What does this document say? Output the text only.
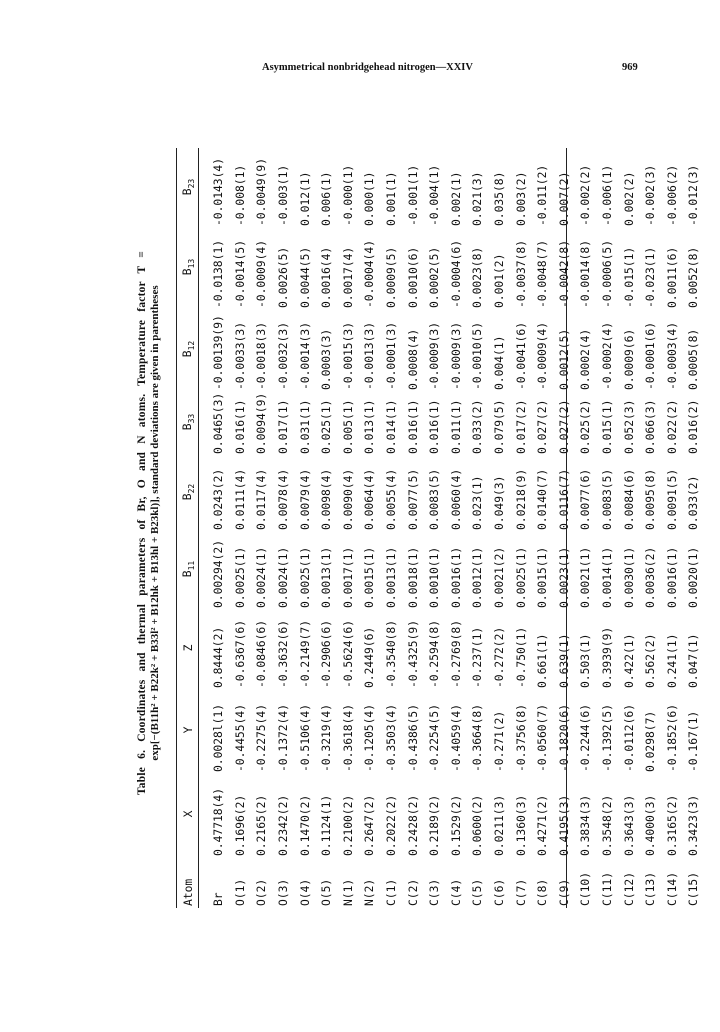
Asymmetrical nonbridgehead nitrogen—XXIV	969
Table 6. Coordinates and thermal parameters of Br, O and N atoms. Temperature factor T = exp[−(B11h² + B22k² + B33l² + B12hk + B13hl + B23kl)], standard deviations are given in parentheses
Atom	X	Y	Z	$B_{11}$	$B_{22}$	$B_{33}$	$B_{12}$	$B_{13}$	$B_{23}$
Br	0.47718(4)	0.0028l(1)	0.8444(2)	0.00294(2)	0.0243(2)	0.0465(3)	-0.00139(9)	-0.0138(1)	-0.0143(4)
O(1)	0.1696(2)	-0.4455(4)	-0.6367(6)	0.0025(1)	0.0111(4)	0.016(1)	-0.0033(3)	-0.0014(5)	-0.008(1)
O(2)	0.2165(2)	-0.2275(4)	-0.0846(6)	0.0024(1)	0.0117(4)	0.0094(9)	-0.0018(3)	-0.0009(4)	-0.0049(9)
O(3)	0.2342(2)	-0.1372(4)	-0.3632(6)	0.0024(1)	0.0078(4)	0.017(1)	-0.0032(3)	0.0026(5)	-0.003(1)
O(4)	0.1470(2)	-0.5106(4)	-0.2149(7)	0.0025(1)	0.0079(4)	0.031(1)	-0.0014(3)	0.0044(5)	0.012(1)
O(5)	0.1124(1)	-0.3219(4)	-0.2906(6)	0.0013(1)	0.0098(4)	0.025(1)	0.0003(3)	0.0016(4)	0.006(1)
N(1)	0.2100(2)	-0.3618(4)	-0.5624(6)	0.0017(1)	0.0090(4)	0.005(1)	-0.0015(3)	0.0017(4)	-0.000(1)
N(2)	0.2647(2)	-0.1205(4)	0.2449(6)	0.0015(1)	0.0064(4)	0.013(1)	-0.0013(3)	-0.0004(4)	0.000(1)
C(1)	0.2022(2)	-0.3503(4)	-0.3540(8)	0.0013(1)	0.0055(4)	0.014(1)	-0.0001(3)	0.0009(5)	0.001(1)
C(2)	0.2428(2)	-0.4386(5)	-0.4325(9)	0.0018(1)	0.0077(5)	0.016(1)	0.0008(4)	0.0010(6)	-0.001(1)
C(3)	0.2189(2)	-0.2254(5)	-0.2594(8)	0.0010(1)	0.0083(5)	0.016(1)	-0.0009(3)	0.0002(5)	-0.004(1)
C(4)	0.1529(2)	-0.4059(4)	-0.2769(8)	0.0016(1)	0.0060(4)	0.011(1)	-0.0009(3)	-0.0004(6)	0.002(1)
C(5)	0.0600(2)	-0.3664(8)	-0.237(1)	0.0012(1)	0.023(1)	0.033(2)	-0.0010(5)	0.0023(8)	0.021(3)
C(6)	0.0211(3)	-0.271(2)	-0.272(2)	0.0021(2)	0.049(3)	0.079(5)	0.004(1)	0.001(2)	0.035(8)
C(7)	0.1360(3)	-0.3756(8)	-0.750(1)	0.0025(1)	0.0218(9)	0.017(2)	-0.0041(6)	-0.0037(8)	0.003(2)
C(8)	0.4271(2)	-0.0560(7)	0.661(1)	0.0015(1)	0.0140(7)	0.027(2)	-0.0009(4)	-0.0048(7)	-0.011(2)
C(9)	0.4195(3)	-0.1820(6)	0.639(1)	0.0023(1)	0.0116(7)	0.027(2)	0.0012(5)	-0.0042(8)	0.007(2)
C(10)	0.3834(3)	-0.2244(6)	0.503(1)	0.0021(1)	0.0077(6)	0.025(2)	0.0002(4)	-0.0014(8)	-0.002(2)
C(11)	0.3548(2)	-0.1392(5)	0.3939(9)	0.0014(1)	0.0083(5)	0.015(1)	-0.0002(4)	-0.0006(5)	-0.006(1)
C(12)	0.3643(3)	-0.0112(6)	0.422(1)	0.0030(1)	0.0084(6)	0.052(3)	0.0009(6)	-0.015(1)	0.002(2)
C(13)	0.4000(3)	0.0298(7)	0.562(2)	0.0036(2)	0.0095(8)	0.066(3)	-0.0001(6)	-0.023(1)	-0.002(3)
C(14)	0.3165(2)	-0.1852(6)	0.241(1)	0.0016(1)	0.0091(5)	0.022(2)	-0.0003(4)	0.0011(6)	-0.006(2)
C(15)	0.3423(3)	-0.167(1)	0.047(1)	0.0020(1)	0.033(2)	0.016(2)	0.0005(8)	0.0052(8)	-0.012(3)
